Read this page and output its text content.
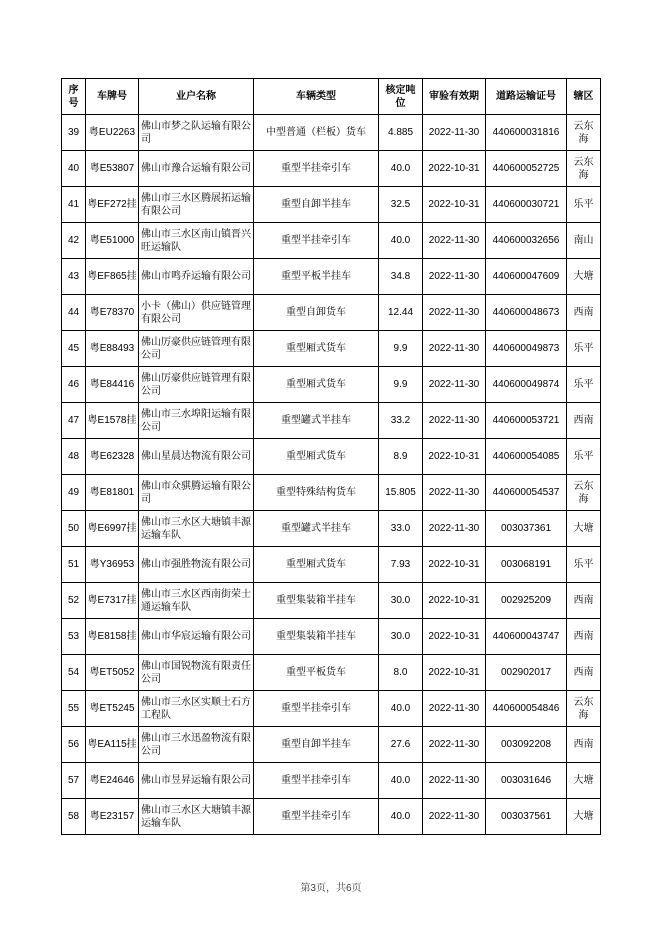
序号	车牌号	业户名称	车辆类型	核定吨位	审验有效期	道路运输证号	辖区
39	粤EU2263	佛山市梦之队运输有限公司	中型普通（栏板）货车	4.885	2022-11-30	440600031816	云东海
40	粤E53807	佛山市豫合运输有限公司	重型半挂牵引车	40.0	2022-10-31	440600052725	云东海
41	粤EF272挂	佛山市三水区腾展拓运输有限公司	重型自卸半挂车	32.5	2022-10-31	440600030721	乐平
42	粤E51000	佛山市三水区南山镇晋兴旺运输队	重型半挂牵引车	40.0	2022-11-30	440600032656	南山
43	粤EF865挂	佛山市鸣乔运输有限公司	重型平板半挂车	34.8	2022-11-30	440600047609	大塘
44	粤E78370	小卡（佛山）供应链管理有限公司	重型自卸货车	12.44	2022-11-30	440600048673	西南
45	粤E88493	佛山厉豪供应链管理有限公司	重型厢式货车	9.9	2022-11-30	440600049873	乐平
46	粤E84416	佛山厉豪供应链管理有限公司	重型厢式货车	9.9	2022-11-30	440600049874	乐平
47	粤E1578挂	佛山市三水埠阳运输有限公司	重型罐式半挂车	33.2	2022-11-30	440600053721	西南
48	粤E62328	佛山星晨达物流有限公司	重型厢式货车	8.9	2022-10-31	440600054085	乐平
49	粤E81801	佛山市众骐腾运输有限公司	重型特殊结构货车	15.805	2022-11-30	440600054537	云东海
50	粤E6997挂	佛山市三水区大塘镇丰源运输车队	重型罐式半挂车	33.0	2022-11-30	003037361	大塘
51	粤Y36953	佛山市强胜物流有限公司	重型厢式货车	7.93	2022-10-31	003068191	乐平
52	粤E7317挂	佛山市三水区西南街荣士通运输车队	重型集装箱半挂车	30.0	2022-10-31	002925209	西南
53	粤E8158挂	佛山市华宸运输有限公司	重型集装箱半挂车	30.0	2022-10-31	440600043747	西南
54	粤ET5052	佛山市国锐物流有限责任公司	重型平板货车	8.0	2022-10-31	002902017	西南
55	粤ET5245	佛山市三水区实顺土石方工程队	重型半挂牵引车	40.0	2022-11-30	440600054846	云东海
56	粤EA115挂	佛山市三水迅盈物流有限公司	重型自卸半挂车	27.6	2022-11-30	003092208	西南
57	粤E24646	佛山市昱昇运输有限公司	重型半挂牵引车	40.0	2022-11-30	003031646	大塘
58	粤E23157	佛山市三水区大塘镇丰源运输车队	重型半挂牵引车	40.0	2022-11-30	003037561	大塘
第3页，共6页
